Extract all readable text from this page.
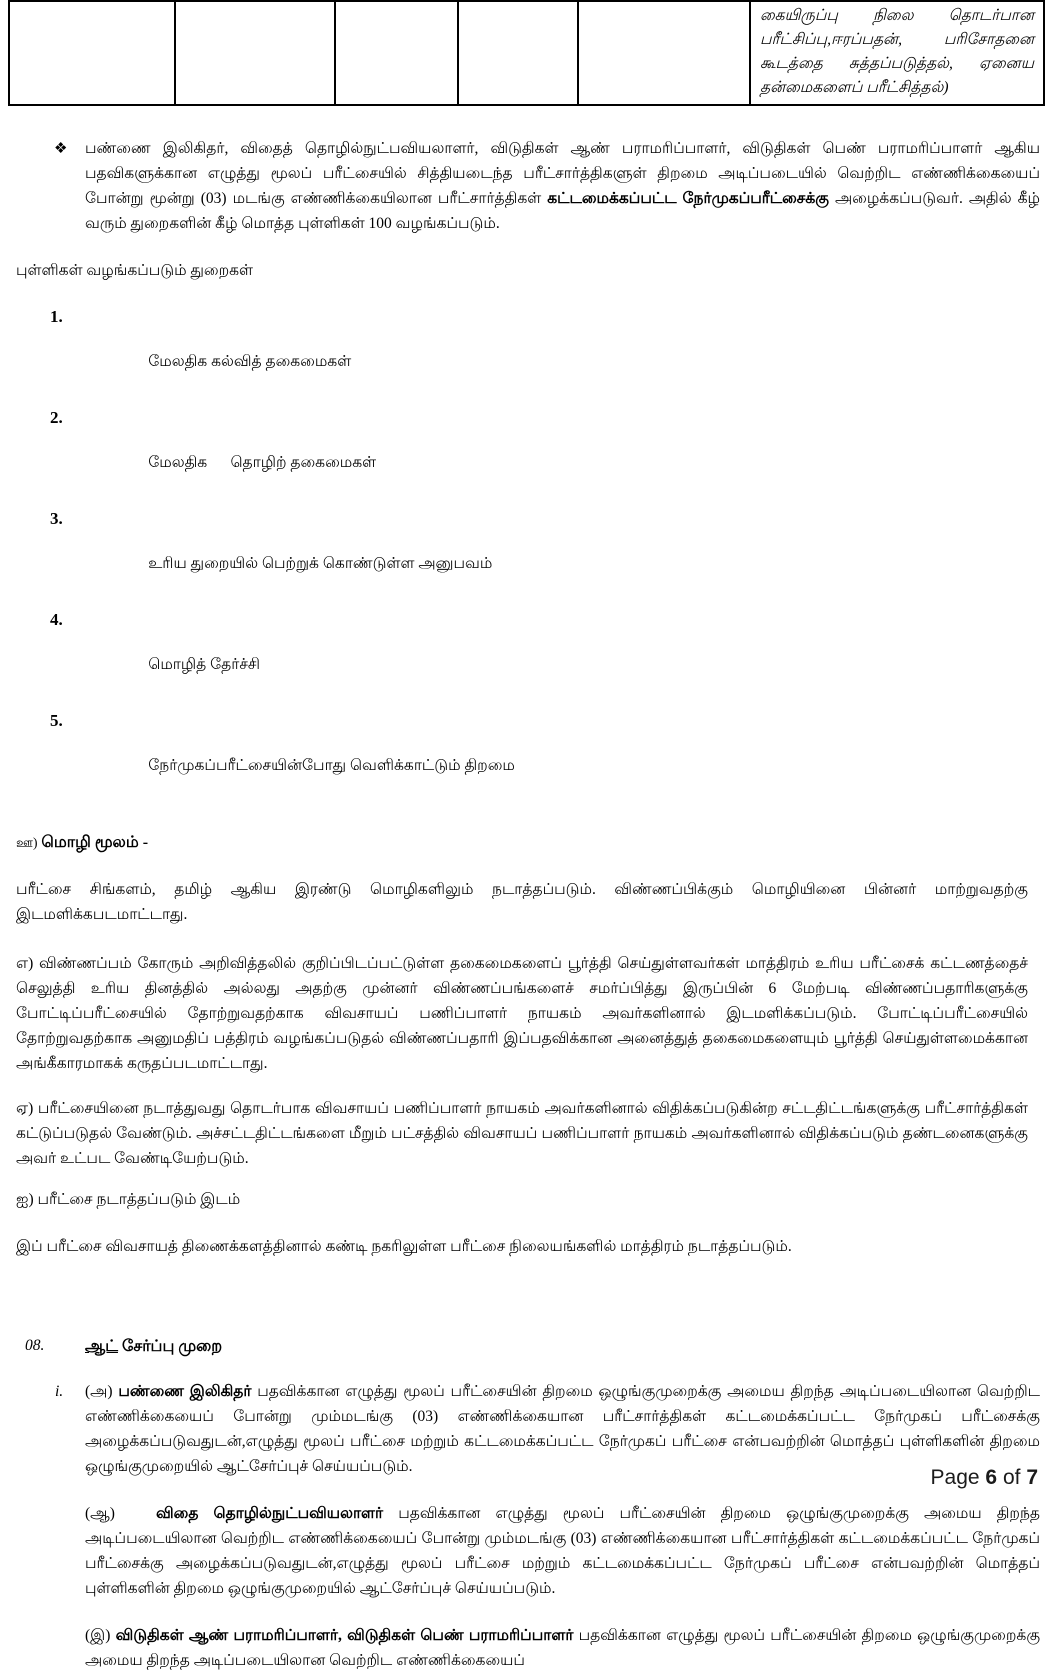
கையிருப்பு நிலை தொடர்பான பரீட்சிப்பு,ஈரப்பதன், பரிசோதனை கூடத்தை சுத்தப்படுத்தல், ஏனைய தன்மைகளைப் பரீட்சித்தல்)
❖ பண்ணை இலிகிதர், விதைத் தொழில்நுட்பவியலாளர், விடுதிகள் ஆண் பராமரிப்பாளர், விடுதிகள் பெண் பராமரிப்பாளர் ஆகிய பதவிகளுக்கான எழுத்து மூலப் பரீட்சையில் சித்தியடைந்த பரீட்சார்த்திகளுள் திறமை அடிப்படையில் வெற்றிட எண்ணிக்கையைப் போன்று மூன்று (03) மடங்கு எண்ணிக்கையிலான பரீட்சார்த்திகள் கட்டமைக்கப்பட்ட நேர்முகப்பரீட்சைக்கு அழைக்கப்படுவர். அதில் கீழ் வரும் துறைகளின் கீழ் மொத்த புள்ளிகள் 100 வழங்கப்படும்.
புள்ளிகள் வழங்கப்படும் துறைகள்

1.

மேலதிக கல்வித் தகைமைகள்

2.

மேலதிக      தொழிற் தகைமைகள்

3.

உரிய துறையில் பெற்றுக் கொண்டுள்ள அனுபவம்

4.

மொழித் தேர்ச்சி

5.

நேர்முகப்பரீட்சையின்போது வெளிக்காட்டும் திறமை

ஊ) மொழி மூலம் -
பரீட்சை சிங்களம், தமிழ் ஆகிய இரண்டு மொழிகளிலும் நடாத்தப்படும். விண்ணப்பிக்கும் மொழியினை பின்னர் மாற்றுவதற்கு இடமளிக்கபடமாட்டாது.
எ) விண்ணப்பம் கோரும் அறிவித்தலில் குறிப்பிடப்பட்டுள்ள தகைமைகளைப் பூர்த்தி செய்துள்ளவர்கள் மாத்திரம் உரிய பரீட்சைக் கட்டணத்தைச் செலுத்தி உரிய தினத்தில் அல்லது அதற்கு முன்னர் விண்ணப்பங்களைச் சமர்ப்பித்து இருப்பின் 6 மேற்படி விண்ணப்பதாரிகளுக்கு போட்டிப்பரீட்சையில் தோற்றுவதற்காக விவசாயப் பணிப்பாளர் நாயகம் அவர்களினால் இடமளிக்கப்படும். போட்டிப்பரீட்சையில் தோற்றுவதற்காக அனுமதிப் பத்திரம் வழங்கப்படுதல் விண்ணப்பதாரி இப்பதவிக்கான அனைத்துத் தகைமைகளையும் பூர்த்தி செய்துள்ளமைக்கான அங்கீகாரமாகக் கருதப்படமாட்டாது.
ஏ) பரீட்சையினை நடாத்துவது தொடர்பாக விவசாயப் பணிப்பாளர் நாயகம் அவர்களினால் விதிக்கப்படுகின்ற சட்டதிட்டங்களுக்கு பரீட்சார்த்திகள் கட்டுப்படுதல் வேண்டும். அச்சட்டதிட்டங்களை மீறும் பட்சத்தில் விவசாயப் பணிப்பாளர் நாயகம் அவர்களினால் விதிக்கப்படும் தண்டனைகளுக்கு அவர் உட்பட வேண்டியேற்படும்.
ஐ) பரீட்சை நடாத்தப்படும் இடம்
இப் பரீட்சை விவசாயத் திணைக்களத்தினால் கண்டி நகரிலுள்ள பரீட்சை நிலையங்களில் மாத்திரம் நடாத்தப்படும்.
08.	ஆட் சேர்ப்பு முறை
i. (அ) பண்ணை இலிகிதர் பதவிக்கான எழுத்து மூலப் பரீட்சையின் திறமை ஒழுங்குமுறைக்கு அமைய திறந்த அடிப்படையிலான வெற்றிட எண்ணிக்கையைப் போன்று மும்மடங்கு (03) எண்ணிக்கையான பரீட்சார்த்திகள் கட்டமைக்கப்பட்ட நேர்முகப் பரீட்சைக்கு அழைக்கப்படுவதுடன்,எழுத்து மூலப் பரீட்சை மற்றும் கட்டமைக்கப்பட்ட நேர்முகப் பரீட்சை என்பவற்றின் மொத்தப் புள்ளிகளின் திறமை ஒழுங்குமுறையில் ஆட்சேர்ப்புச் செய்யப்படும்.
(ஆ)	விதை தொழில்நுட்பவியலாளர் பதவிக்கான எழுத்து மூலப் பரீட்சையின் திறமை ஒழுங்குமுறைக்கு அமைய திறந்த அடிப்படையிலான வெற்றிட எண்ணிக்கையைப் போன்று மும்மடங்கு (03) எண்ணிக்கையான பரீட்சார்த்திகள் கட்டமைக்கப்பட்ட நேர்முகப் பரீட்சைக்கு அழைக்கப்படுவதுடன்,எழுத்து மூலப் பரீட்சை மற்றும் கட்டமைக்கப்பட்ட நேர்முகப் பரீட்சை என்பவற்றின் மொத்தப் புள்ளிகளின் திறமை ஒழுங்குமுறையில் ஆட்சேர்ப்புச் செய்யப்படும்.
(இ) விடுதிகள் ஆண் பராமரிப்பாளர், விடுதிகள் பெண் பராமரிப்பாளர் பதவிக்கான எழுத்து மூலப் பரீட்சையின் திறமை ஒழுங்குமுறைக்கு அமைய திறந்த அடிப்படையிலான வெற்றிட எண்ணிக்கையைப்
Page 6 of 7
